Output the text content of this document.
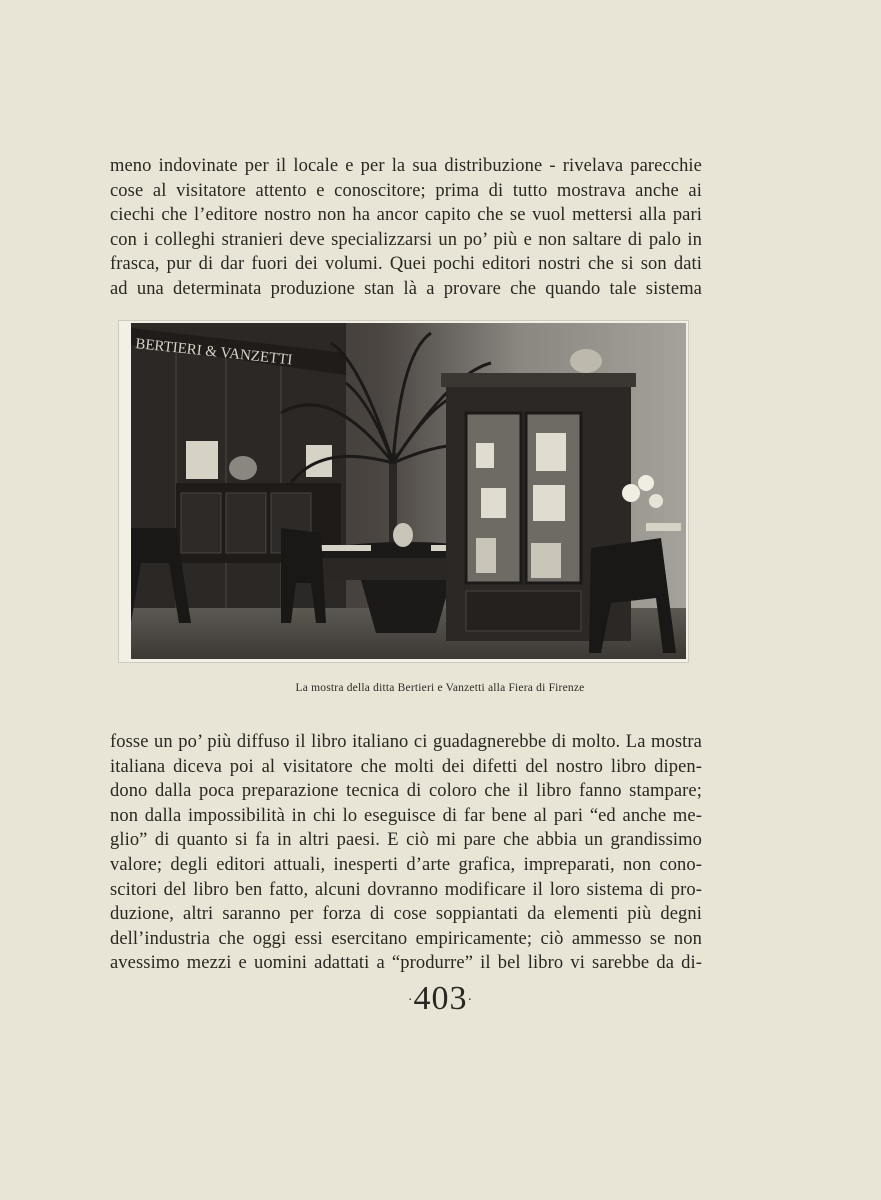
meno indovinate per il locale e per la sua distribuzione - rivelava parecchie
cose al visitatore attento e conoscitore; prima di tutto mostrava anche ai
ciechi che l’editore nostro non ha ancor capito che se vuol mettersi alla pari
con i colleghi stranieri deve specializzarsi un po’ più e non saltare di palo in
frasca, pur di dar fuori dei volumi. Quei pochi editori nostri che si son dati
ad una determinata produzione stan là a provare che quando tale sistema
BERTIERI & VANZETTI
La mostra della ditta Bertieri e Vanzetti alla Fiera di Firenze
fosse un po’ più diffuso il libro italiano ci guadagnerebbe di molto. La mostra
italiana diceva poi al visitatore che molti dei difetti del nostro libro dipen-
dono dalla poca preparazione tecnica di coloro che il libro fanno stampare;
non dalla impossibilità in chi lo eseguisce di far bene al pari “ed anche me-
glio” di quanto si fa in altri paesi. E ciò mi pare che abbia un grandissimo
valore; degli editori attuali, inesperti d’arte grafica, impreparati, non cono-
scitori del libro ben fatto, alcuni dovranno modificare il loro sistema di pro-
duzione, altri saranno per forza di cose soppiantati da elementi più degni
dell’industria che oggi essi esercitano empiricamente; ciò ammesso se non
avessimo mezzi e uomini adattati a “produrre” il bel libro vi sarebbe da di-
·403·
